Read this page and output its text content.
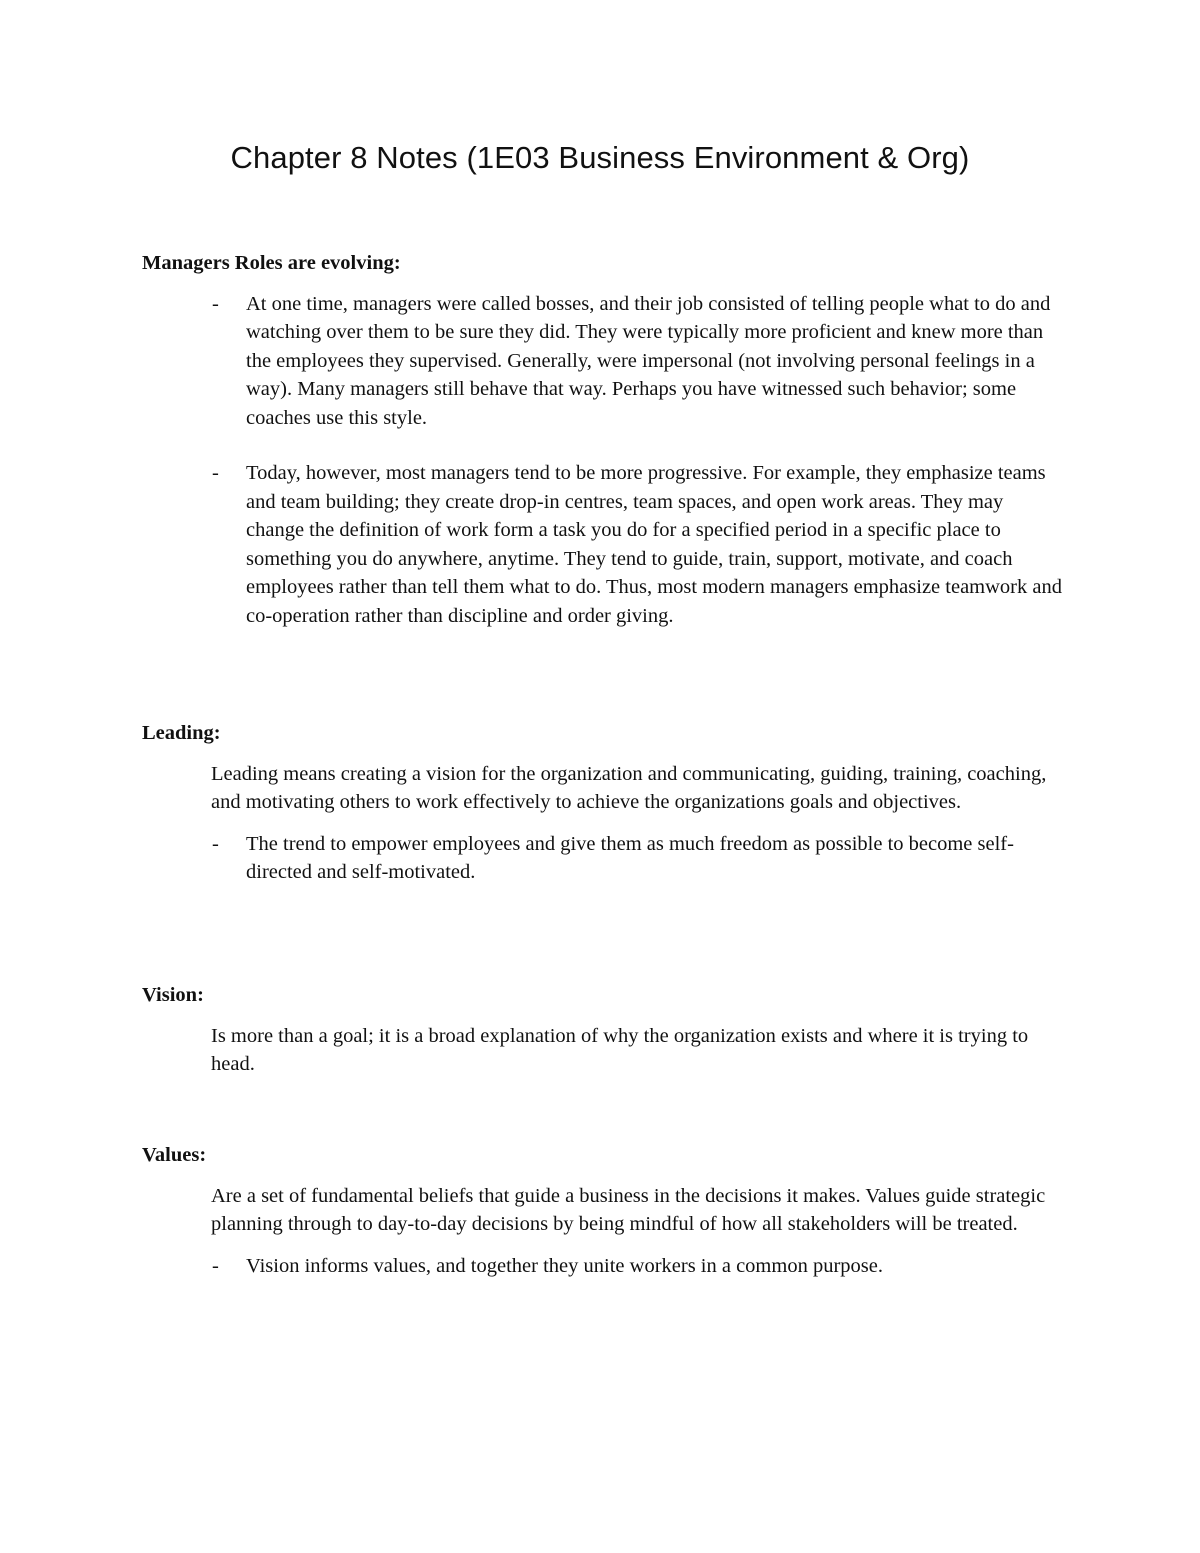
Chapter 8 Notes (1E03 Business Environment & Org)
Managers Roles are evolving:
- At one time, managers were called bosses, and their job consisted of telling people what to do and watching over them to be sure they did. They were typically more proficient and knew more than the employees they supervised. Generally, were impersonal (not involving personal feelings in a way). Many managers still behave that way. Perhaps you have witnessed such behavior; some coaches use this style.
- Today, however, most managers tend to be more progressive. For example, they emphasize teams and team building; they create drop-in centres, team spaces, and open work areas. They may change the definition of work form a task you do for a specified period in a specific place to something you do anywhere, anytime. They tend to guide, train, support, motivate, and coach employees rather than tell them what to do. Thus, most modern managers emphasize teamwork and co-operation rather than discipline and order giving.
Leading:
Leading means creating a vision for the organization and communicating, guiding, training, coaching, and motivating others to work effectively to achieve the organizations goals and objectives.
- The trend to empower employees and give them as much freedom as possible to become self-directed and self-motivated.
Vision:
Is more than a goal; it is a broad explanation of why the organization exists and where it is trying to head.
Values:
Are a set of fundamental beliefs that guide a business in the decisions it makes. Values guide strategic planning through to day-to-day decisions by being mindful of how all stakeholders will be treated.
- Vision informs values, and together they unite workers in a common purpose.
